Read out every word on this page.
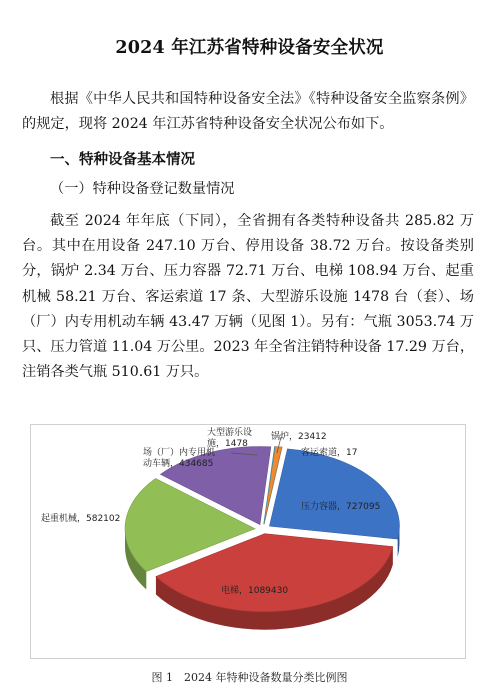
2024 年江苏省特种设备安全状况
根据《中华人民共和国特种设备安全法》《特种设备安全监察条例》的规定，现将 2024 年江苏省特种设备安全状况公布如下。
一、特种设备基本情况
（一）特种设备登记数量情况
截至 2024 年年底（下同），全省拥有各类特种设备共 285.82 万台。其中在用设备 247.10 万台、停用设备 38.72 万台。按设备类别分，锅炉 2.34 万台、压力容器 72.71 万台、电梯 108.94 万台、起重机械 58.21 万台、客运索道 17 条、大型游乐设施 1478 台（套）、场（厂）内专用机动车辆 43.47 万辆（见图 1）。另有：气瓶 3053.74 万只、压力管道 11.04 万公里。2023 年全省注销特种设备 17.29 万台，注销各类气瓶 510.61 万只。
锅炉，23412
客运索道，17
压力容器，727095
电梯，1089430
起重机械，582102
场（厂）内专用机动车辆，434685
大型游乐设施，1478
图 1　2024 年特种设备数量分类比例图
